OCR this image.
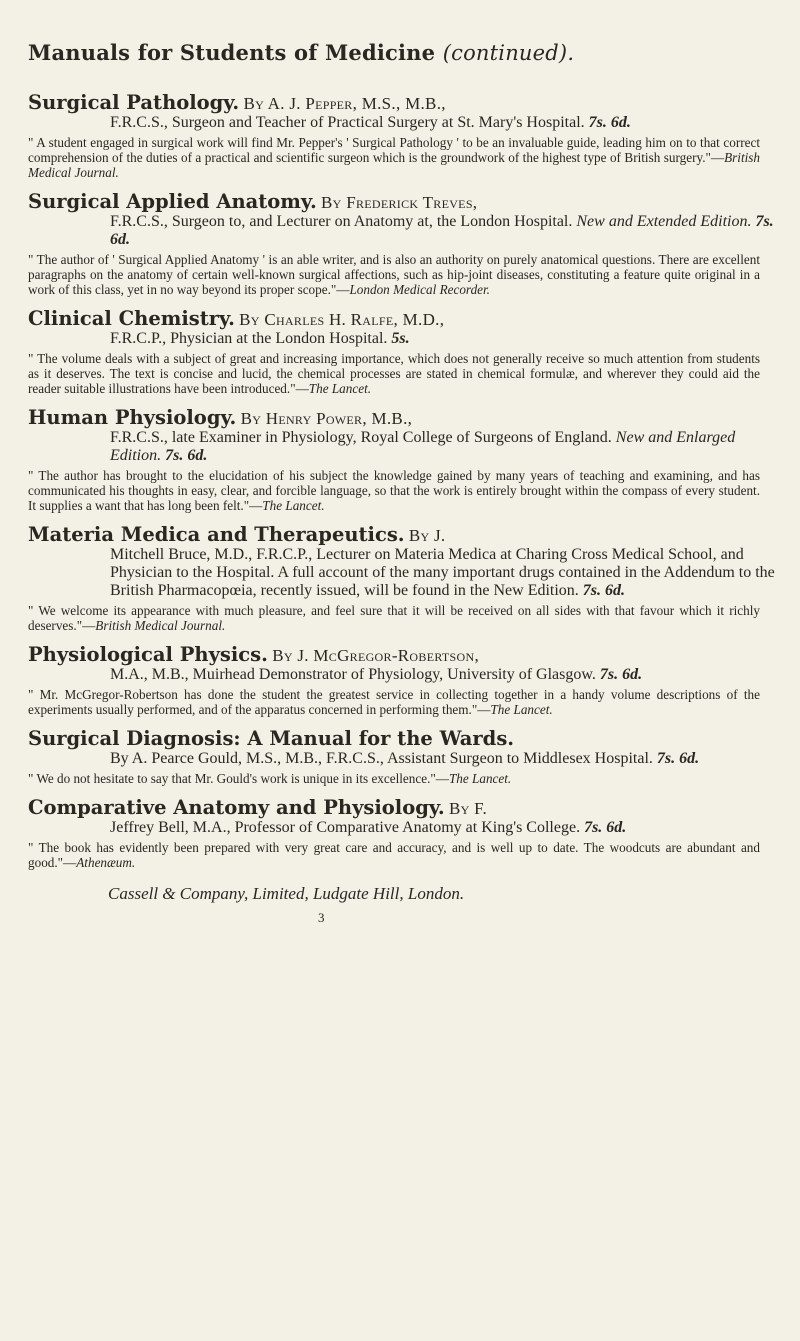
Manuals for Students of Medicine (continued).

Surgical Pathology. By A. J. Pepper, M.S., M.B.,

F.R.C.S., Surgeon and Teacher of Practical Surgery at St. Mary's Hospital. 7s. 6d.

" A student engaged in surgical work will find Mr. Pepper's ' Surgical Pathology ' to be an invaluable guide, leading him on to that correct comprehension of the duties of a practical and scientific surgeon which is the groundwork of the highest type of British surgery."—British Medical Journal.

Surgical Applied Anatomy. By Frederick Treves,

F.R.C.S., Surgeon to, and Lecturer on Anatomy at, the London Hospital. New and Extended Edition. 7s. 6d.

" The author of ' Surgical Applied Anatomy ' is an able writer, and is also an authority on purely anatomical questions. There are excellent paragraphs on the anatomy of certain well-known surgical affections, such as hip-joint diseases, constituting a feature quite original in a work of this class, yet in no way beyond its proper scope."—London Medical Recorder.

Clinical Chemistry. By Charles H. Ralfe, M.D.,

F.R.C.P., Physician at the London Hospital. 5s.

" The volume deals with a subject of great and increasing importance, which does not generally receive so much attention from students as it deserves. The text is concise and lucid, the chemical processes are stated in chemical formulæ, and wherever they could aid the reader suitable illustrations have been introduced."—The Lancet.

Human Physiology. By Henry Power, M.B.,

F.R.C.S., late Examiner in Physiology, Royal College of Surgeons of England. New and Enlarged Edition. 7s. 6d.

" The author has brought to the elucidation of his subject the knowledge gained by many years of teaching and examining, and has communicated his thoughts in easy, clear, and forcible language, so that the work is entirely brought within the compass of every student. It supplies a want that has long been felt."—The Lancet.

Materia Medica and Therapeutics. By J.

Mitchell Bruce, M.D., F.R.C.P., Lecturer on Materia Medica at Charing Cross Medical School, and Physician to the Hospital. A full account of the many important drugs contained in the Addendum to the British Pharmacopœia, recently issued, will be found in the New Edition. 7s. 6d.

" We welcome its appearance with much pleasure, and feel sure that it will be received on all sides with that favour which it richly deserves."—British Medical Journal.

Physiological Physics. By J. McGregor-Robertson,

M.A., M.B., Muirhead Demonstrator of Physiology, University of Glasgow. 7s. 6d.

" Mr. McGregor-Robertson has done the student the greatest service in collecting together in a handy volume descriptions of the experiments usually performed, and of the apparatus concerned in performing them."—The Lancet.

Surgical Diagnosis: A Manual for the Wards.

By A. Pearce Gould, M.S., M.B., F.R.C.S., Assistant Surgeon to Middlesex Hospital. 7s. 6d.

" We do not hesitate to say that Mr. Gould's work is unique in its excellence."—The Lancet.

Comparative Anatomy and Physiology. By F.

Jeffrey Bell, M.A., Professor of Comparative Anatomy at King's College. 7s. 6d.

" The book has evidently been prepared with very great care and accuracy, and is well up to date. The woodcuts are abundant and good."—Athenæum.

Cassell & Company, Limited, Ludgate Hill, London.
3
